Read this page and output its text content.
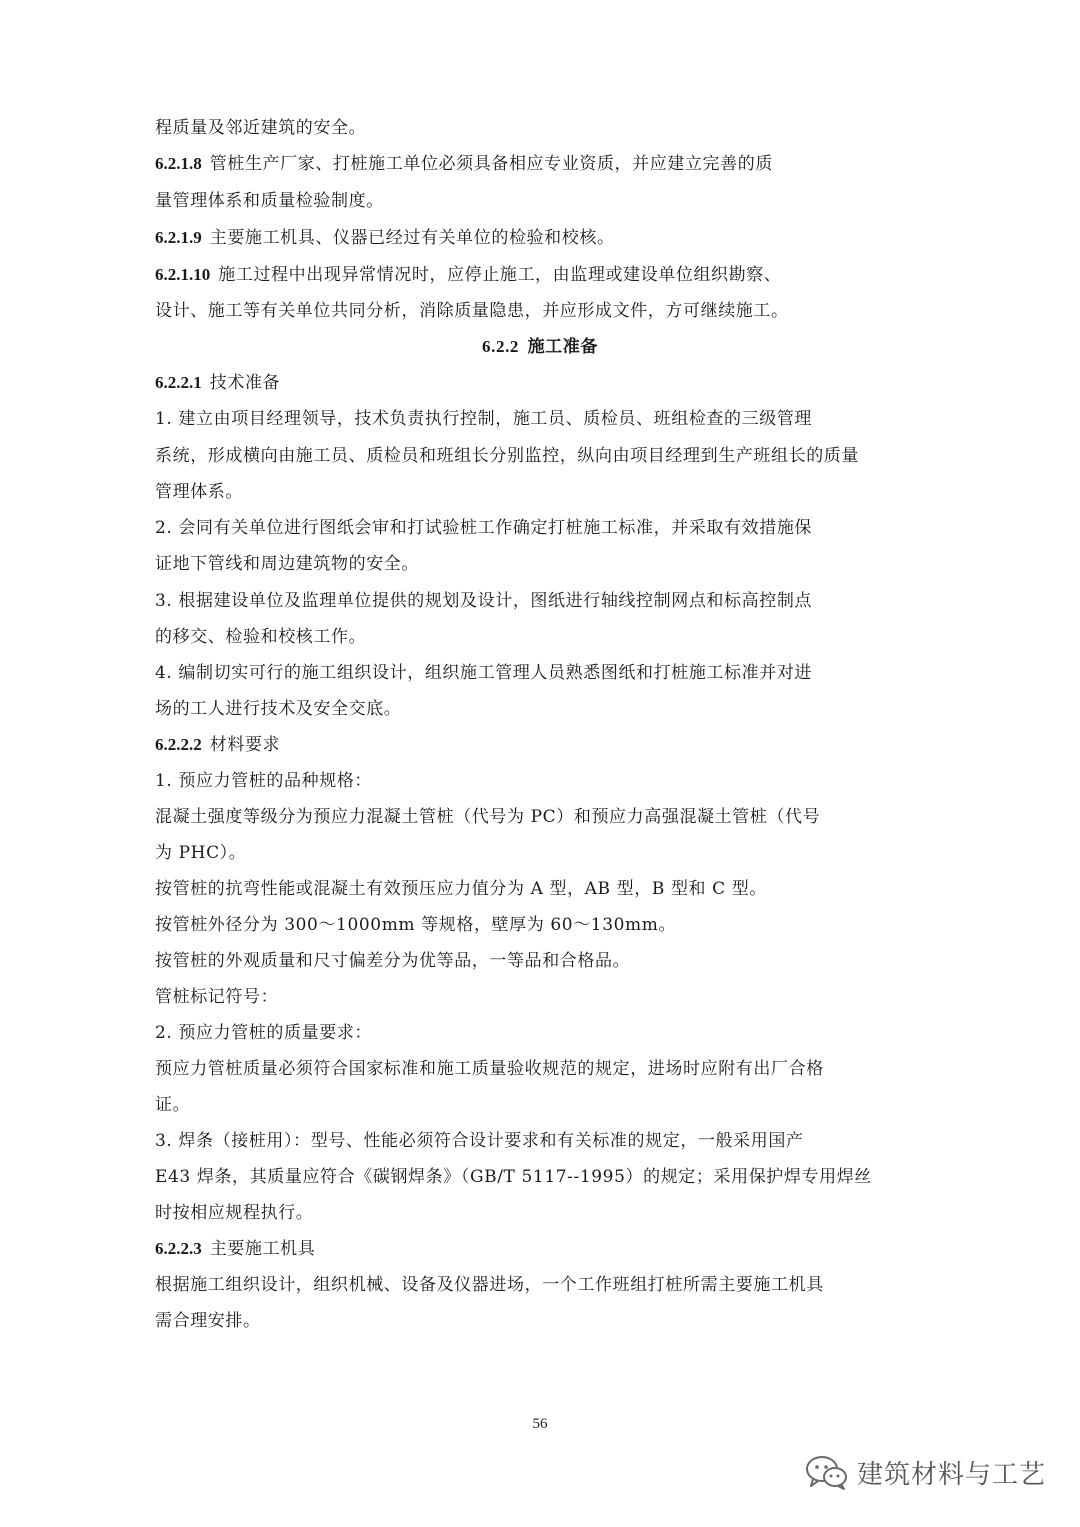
程质量及邻近建筑的安全。
6.2.1.8 管桩生产厂家、打桩施工单位必须具备相应专业资质，并应建立完善的质
量管理体系和质量检验制度。
6.2.1.9 主要施工机具、仪器已经过有关单位的检验和校核。
6.2.1.10 施工过程中出现异常情况时，应停止施工，由监理或建设单位组织勘察、
设计、施工等有关单位共同分析，消除质量隐患，并应形成文件，方可继续施工。
6.2.2 施工准备
6.2.2.1 技术准备
1. 建立由项目经理领导，技术负责执行控制，施工员、质检员、班组检查的三级管理
系统，形成横向由施工员、质检员和班组长分别监控，纵向由项目经理到生产班组长的质量
管理体系。
2. 会同有关单位进行图纸会审和打试验桩工作确定打桩施工标准，并采取有效措施保
证地下管线和周边建筑物的安全。
3. 根据建设单位及监理单位提供的规划及设计，图纸进行轴线控制网点和标高控制点
的移交、检验和校核工作。
4. 编制切实可行的施工组织设计，组织施工管理人员熟悉图纸和打桩施工标准并对进
场的工人进行技术及安全交底。
6.2.2.2 材料要求
1. 预应力管桩的品种规格：
混凝土强度等级分为预应力混凝土管桩（代号为 PC）和预应力高强混凝土管桩（代号
为 PHC）。
按管桩的抗弯性能或混凝土有效预压应力值分为 A 型，AB 型，B 型和 C 型。
按管桩外径分为 300～1000mm 等规格，壁厚为 60～130mm。
按管桩的外观质量和尺寸偏差分为优等品，一等品和合格品。
管桩标记符号：
2. 预应力管桩的质量要求：
预应力管桩质量必须符合国家标准和施工质量验收规范的规定，进场时应附有出厂合格
证。
3. 焊条（接桩用）：型号、性能必须符合设计要求和有关标准的规定，一般采用国产
E43 焊条，其质量应符合《碳钢焊条》（GB/T 5117--1995）的规定；采用保护焊专用焊丝
时按相应规程执行。
6.2.2.3 主要施工机具
根据施工组织设计，组织机械、设备及仪器进场，一个工作班组打桩所需主要施工机具
需合理安排。
56
建筑材料与工艺
